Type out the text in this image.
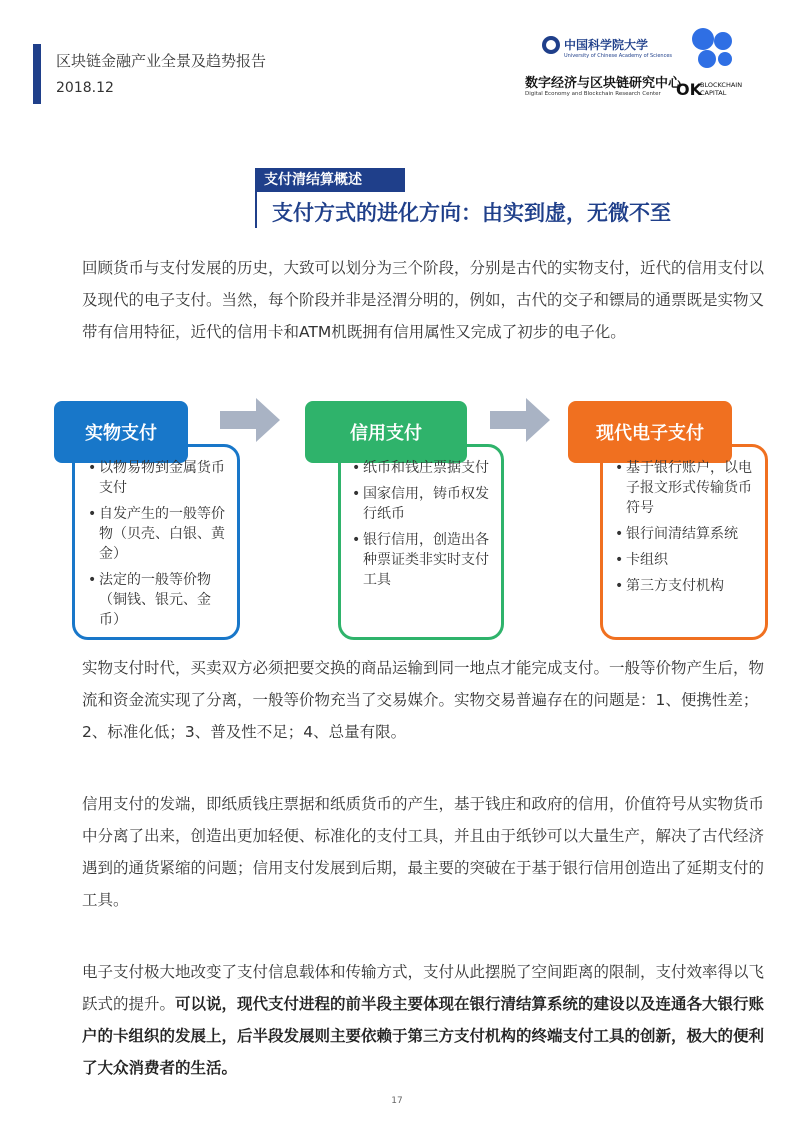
区块链金融产业全景及趋势报告
2018.12
中国科学院大学
University of Chinese Academy of Sciences
数字经济与区块链研究中心
Digital Economy and Blockchain Research Center OK
BLOCKCHAIN
CAPITAL
支付清结算概述
支付方式的进化方向：由实到虚，无微不至

回顾货币与支付发展的历史，大致可以划分为三个阶段，分别是古代的实物支付，近代的信用支付以及现代的电子支付。当然，每个阶段并非是泾渭分明的，例如，古代的交子和镖局的通票既是实物又带有信用特征，近代的信用卡和ATM机既拥有信用属性又完成了初步的电子化。

实物支付
• 以物易物到金属货币支付
• 自发产生的一般等价物（贝壳、白银、黄金）
• 法定的一般等价物（铜钱、银元、金币）
信用支付
• 纸币和钱庄票据支付
• 国家信用，铸币权发行纸币
• 银行信用，创造出各种票证类非实时支付工具
现代电子支付
• 基于银行账户，以电子报文形式传输货币符号
• 银行间清结算系统
• 卡组织
• 第三方支付机构

实物支付时代，买卖双方必须把要交换的商品运输到同一地点才能完成支付。一般等价物产生后，物流和资金流实现了分离，一般等价物充当了交易媒介。实物交易普遍存在的问题是：1、便携性差；2、标准化低；3、普及性不足；4、总量有限。

信用支付的发端，即纸质钱庄票据和纸质货币的产生，基于钱庄和政府的信用，价值符号从实物货币中分离了出来，创造出更加轻便、标准化的支付工具，并且由于纸钞可以大量生产，解决了古代经济遇到的通货紧缩的问题；信用支付发展到后期，最主要的突破在于基于银行信用创造出了延期支付的工具。

电子支付极大地改变了支付信息载体和传输方式，支付从此摆脱了空间距离的限制，支付效率得以飞跃式的提升。可以说，现代支付进程的前半段主要体现在银行清结算系统的建设以及连通各大银行账户的卡组织的发展上，后半段发展则主要依赖于第三方支付机构的终端支付工具的创新，极大的便利了大众消费者的生活。

17
